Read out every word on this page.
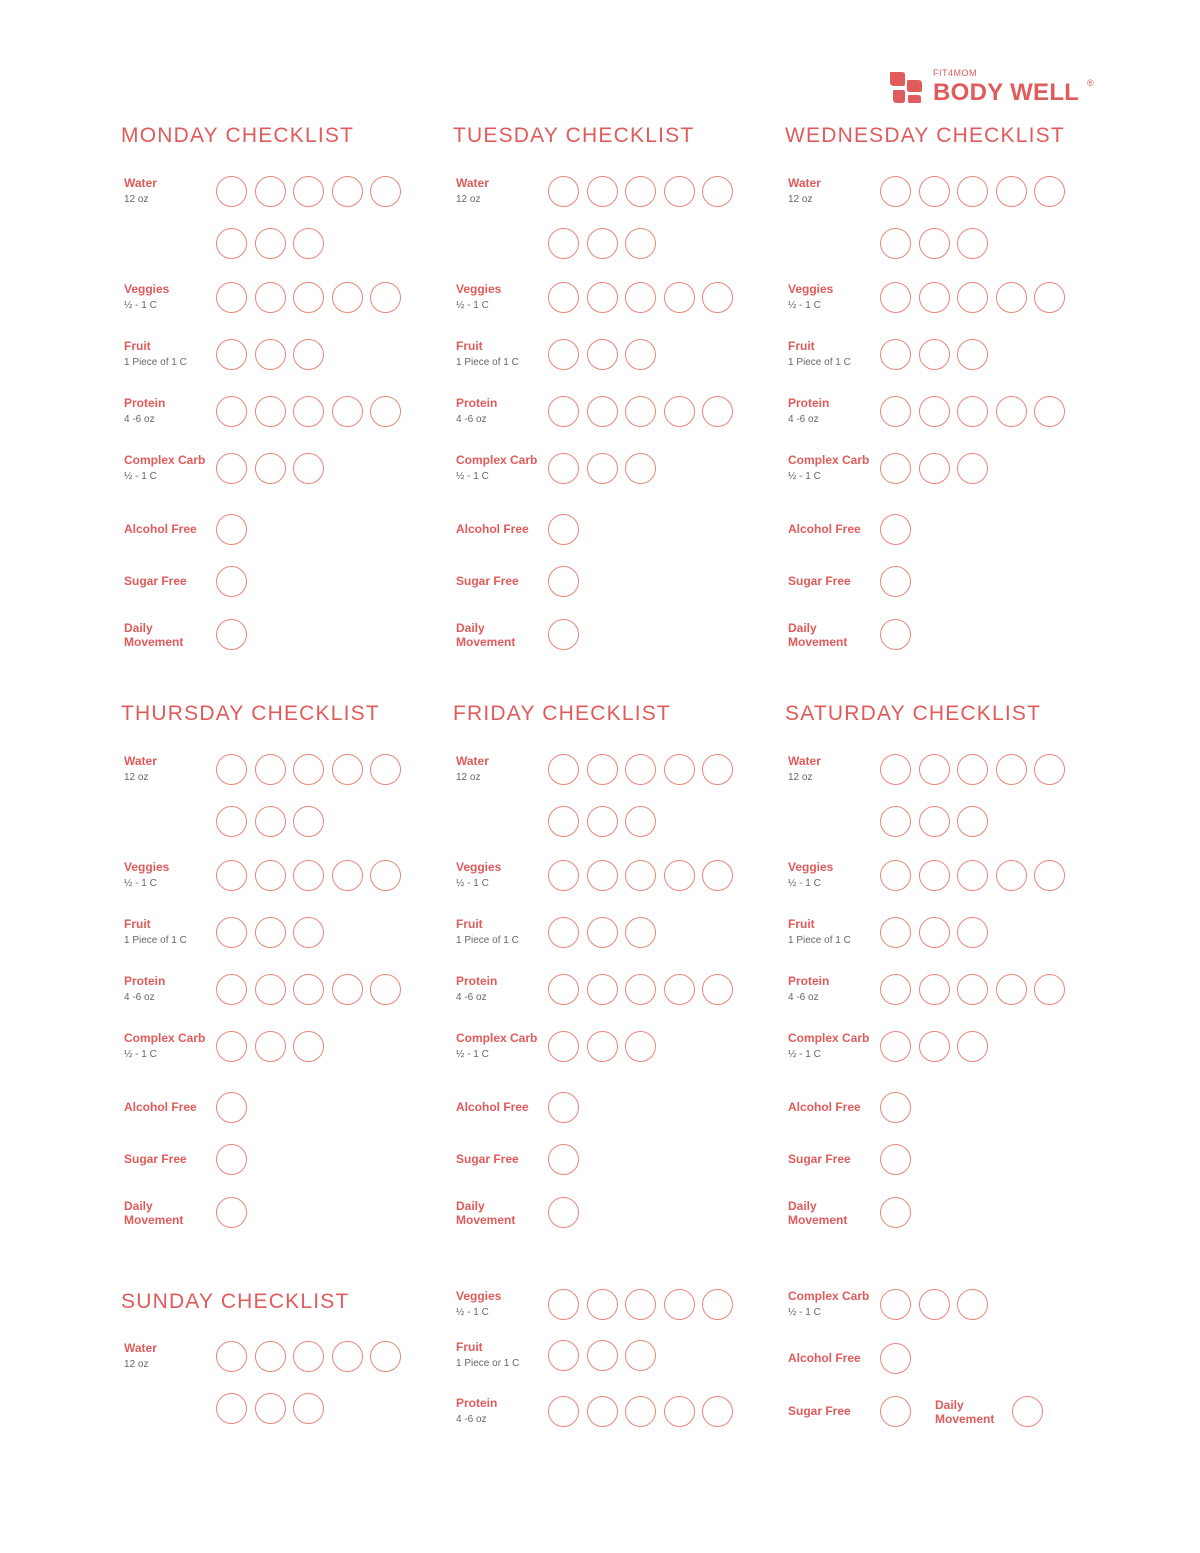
FIT4MOM
BODY WELL ®
MONDAY CHECKLIST
Water
12 oz
Veggies
½ - 1 C
Fruit
1 Piece of 1 C
Protein
4 -6 oz
Complex Carb
½ - 1 C
Alcohol Free
Sugar Free
Daily
Movement
TUESDAY CHECKLIST
Water
12 oz
Veggies
½ - 1 C
Fruit
1 Piece of 1 C
Protein
4 -6 oz
Complex Carb
½ - 1 C
Alcohol Free
Sugar Free
Daily
Movement
WEDNESDAY CHECKLIST
Water
12 oz
Veggies
½ - 1 C
Fruit
1 Piece of 1 C
Protein
4 -6 oz
Complex Carb
½ - 1 C
Alcohol Free
Sugar Free
Daily
Movement
THURSDAY CHECKLIST
Water
12 oz
Veggies
½ - 1 C
Fruit
1 Piece of 1 C
Protein
4 -6 oz
Complex Carb
½ - 1 C
Alcohol Free
Sugar Free
Daily
Movement
FRIDAY CHECKLIST
Water
12 oz
Veggies
½ - 1 C
Fruit
1 Piece of 1 C
Protein
4 -6 oz
Complex Carb
½ - 1 C
Alcohol Free
Sugar Free
Daily
Movement
SATURDAY CHECKLIST
Water
12 oz
Veggies
½ - 1 C
Fruit
1 Piece of 1 C
Protein
4 -6 oz
Complex Carb
½ - 1 C
Alcohol Free
Sugar Free
Daily
Movement
SUNDAY CHECKLIST
Water
12 oz
Veggies
½ - 1 C
Fruit
1 Piece or 1 C
Protein
4 -6 oz
Complex Carb
½ - 1 C
Alcohol Free
Sugar Free	Daily
Movement
